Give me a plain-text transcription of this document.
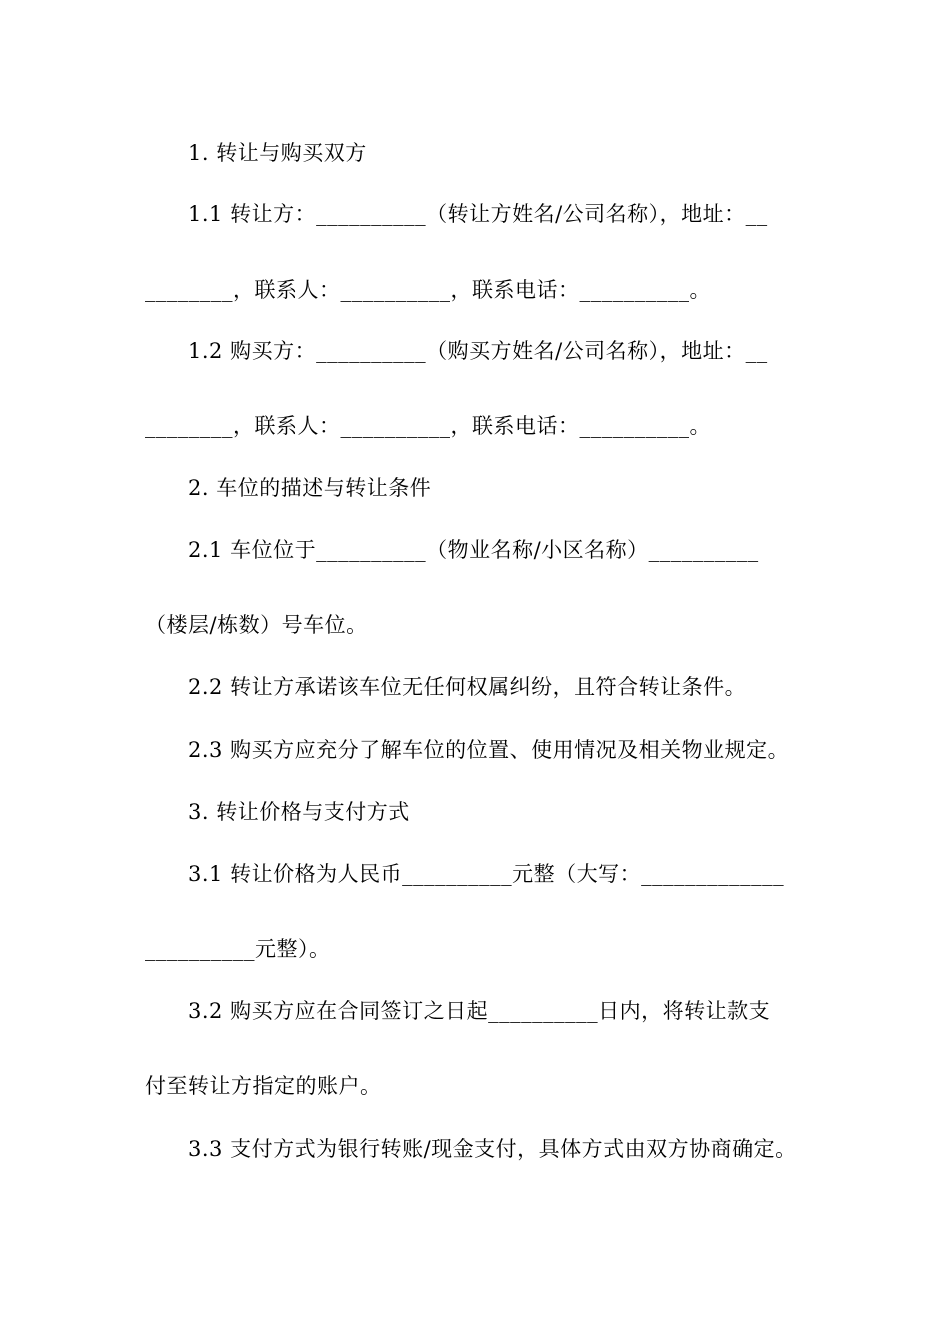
1. 转让与购买双方
1.1 转让方：__________（转让方姓名/公司名称），地址：__
________，联系人：__________，联系电话：__________。
1.2 购买方：__________（购买方姓名/公司名称），地址：__
________，联系人：__________，联系电话：__________。
2. 车位的描述与转让条件
2.1 车位位于__________（物业名称/小区名称）__________
（楼层/栋数）号车位。
2.2 转让方承诺该车位无任何权属纠纷，且符合转让条件。
2.3 购买方应充分了解车位的位置、使用情况及相关物业规定。
3. 转让价格与支付方式
3.1 转让价格为人民币__________元整（大写：_____________
__________元整）。
3.2 购买方应在合同签订之日起__________日内，将转让款支
付至转让方指定的账户。
3.3 支付方式为银行转账/现金支付，具体方式由双方协商确定。
